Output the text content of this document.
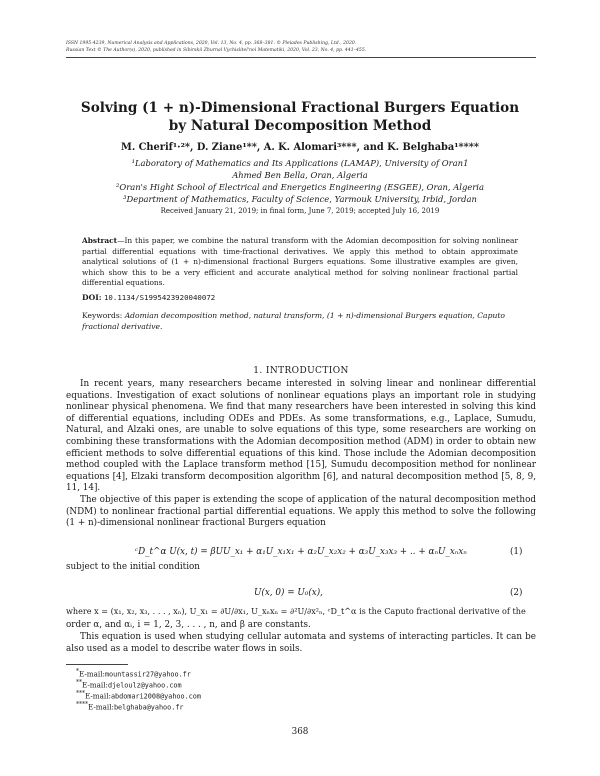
ISSN 1995-4239, Numerical Analysis and Applications, 2020, Vol. 13, No. 4, pp. 368–381. © Pleiades Publishing, Ltd., 2020.
Russian Text © The Author(s), 2020, published in Sibirskii Zhurnal Vychislitel'noi Matematiki, 2020, Vol. 23, No. 4, pp. 441–455.
Solving (1 + n)-Dimensional Fractional Burgers Equation
by Natural Decomposition Method
M. Cherif¹·²*, D. Ziane¹**, A. K. Alomari³***, and K. Belghaba¹****
¹Laboratory of Mathematics and Its Applications (LAMAP), University of Oran1
Ahmed Ben Bella, Oran, Algeria
²Oran's Hight School of Electrical and Energetics Engineering (ESGEE), Oran, Algeria
³Department of Mathematics, Faculty of Science, Yarmouk University, Irbid, Jordan
Received January 21, 2019; in final form, June 7, 2019; accepted July 16, 2019
Abstract—In this paper, we combine the natural transform with the Adomian decomposition for solving nonlinear partial differential equations with time-fractional derivatives. We apply this method to obtain approximate analytical solutions of (1 + n)-dimensional fractional Burgers equations. Some illustrative examples are given, which show this to be a very efficient and accurate analytical method for solving nonlinear fractional partial differential equations.
DOI: 10.1134/S1995423920040072
Keywords: Adomian decomposition method, natural transform, (1 + n)-dimensional Burgers equation, Caputo fractional derivative.
1. INTRODUCTION
In recent years, many researchers became interested in solving linear and nonlinear differential equations. Investigation of exact solutions of nonlinear equations plays an important role in studying nonlinear physical phenomena. We find that many researchers have been interested in solving this kind of differential equations, including ODEs and PDEs. As some transformations, e.g., Laplace, Sumudu, Natural, and Alzaki ones, are unable to solve equations of this type, some researchers are working on combining these transformations with the Adomian decomposition method (ADM) in order to obtain new efficient methods to solve differential equations of this kind. Those include the Adomian decomposition method coupled with the Laplace transform method [15], Sumudu decomposition method for nonlinear equations [4], Elzaki transform decomposition algorithm [6], and natural decomposition method [5, 8, 9, 11, 14].
The objective of this paper is extending the scope of application of the natural decomposition method (NDM) to nonlinear fractional partial differential equations. We apply this method to solve the following (1 + n)-dimensional nonlinear fractional Burgers equation
ᶜD_t^α U(x, t) = βUU_x₁ + α₁U_x₁x₁ + α₂U_x₂x₂ + α₃U_x₃x₃ + .. + αₙU_xₙxₙ	(1)
subject to the initial condition
U(x, 0) = U₀(x),	(2)
where x = (x₁, x₂, x₃, . . . , xₙ), U_x₁ = ∂U/∂x₁, U_xₙxₙ = ∂²U/∂x²ₙ, ᶜD_t^α is the Caputo fractional derivative of the
order α, and αᵢ, i = 1, 2, 3, . . . , n, and β are constants.
This equation is used when studying cellular automata and systems of interacting particles. It can be also used as a model to describe water flows in soils.
*E-mail:mountassir27@yahoo.fr
**E-mail:djeloulz@yahoo.com
***E-mail:abdomari2008@yahoo.com
****E-mail:belghaba@yahoo.fr
368
